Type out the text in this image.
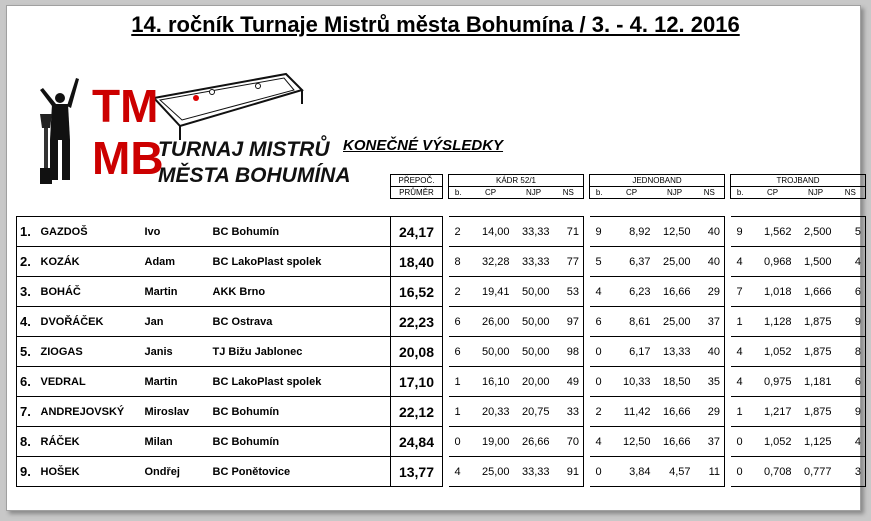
14. ročník Turnaje Mistrů města Bohumína / 3. - 4. 12. 2016
TM
MB
TURNAJ MISTRŮ
MĚSTA BOHUMÍNA
KONEČNÉ VÝSLEDKY
PŘEPOČ.		KÁDR 52/1					JEDNOBAND					TROJBAND			
PRŮMĚR		b.	CP	NJP	NS		b.	CP	NJP	NS		b.	CP	NJP	NS
1.	GAZDOŠ	Ivo	BC Bohumín	24,17		2	14,00	33,33	71		9	8,92	12,50	40		9	1,562	2,500	5
2.	KOZÁK	Adam	BC LakoPlast spolek	18,40		8	32,28	33,33	77		5	6,37	25,00	40		4	0,968	1,500	4
3.	BOHÁČ	Martin	AKK Brno	16,52		2	19,41	50,00	53		4	6,23	16,66	29		7	1,018	1,666	6
4.	DVOŘÁČEK	Jan	BC Ostrava	22,23		6	26,00	50,00	97		6	8,61	25,00	37		1	1,128	1,875	9
5.	ZIOGAS	Janis	TJ Bižu Jablonec	20,08		6	50,00	50,00	98		0	6,17	13,33	40		4	1,052	1,875	8
6.	VEDRAL	Martin	BC LakoPlast spolek	17,10		1	16,10	20,00	49		0	10,33	18,50	35		4	0,975	1,181	6
7.	ANDREJOVSKÝ	Miroslav	BC Bohumín	22,12		1	20,33	20,75	33		2	11,42	16,66	29		1	1,217	1,875	9
8.	RÁČEK	Milan	BC Bohumín	24,84		0	19,00	26,66	70		4	12,50	16,66	37		0	1,052	1,125	4
9.	HOŠEK	Ondřej	BC Ponětovice	13,77		4	25,00	33,33	91		0	3,84	4,57	11		0	0,708	0,777	3
